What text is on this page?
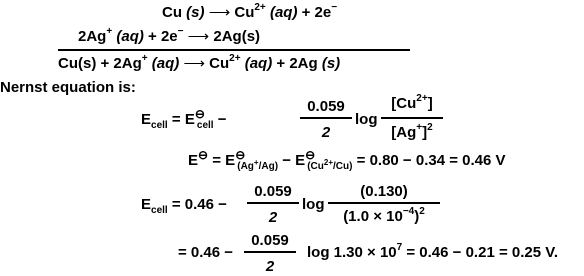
Cu (s) ⟶ $Cu^{2+}$ (aq) + 2e−
2Ag+ (aq) + 2e− ⟶ 2Ag(s)
Cu(s) + 2Ag+ (aq) ⟶ $Cu^{2+}$ (aq) + 2Ag (s)
Nernst equation is:
$E_{cell} = E^⊖_{cell}$ −
0.059
2
log
$[Cu^{2+}]$
$[Ag^+]^2$
$E^⊖ = E^⊖_{(Ag^+/Ag)} - E^⊖_{(Cu^{2+}/Cu)} = 0.80 - 0.34 = 0.46$ V
$E_{cell} = 0.46$ −
0.059
2
log
(0.130)
$(1.0 \times 10^{-4})^2$
= 0.46 −
0.059
2
$\log 1.30 \times 10^7 = 0.46 - 0.21 = 0.25$ V.
